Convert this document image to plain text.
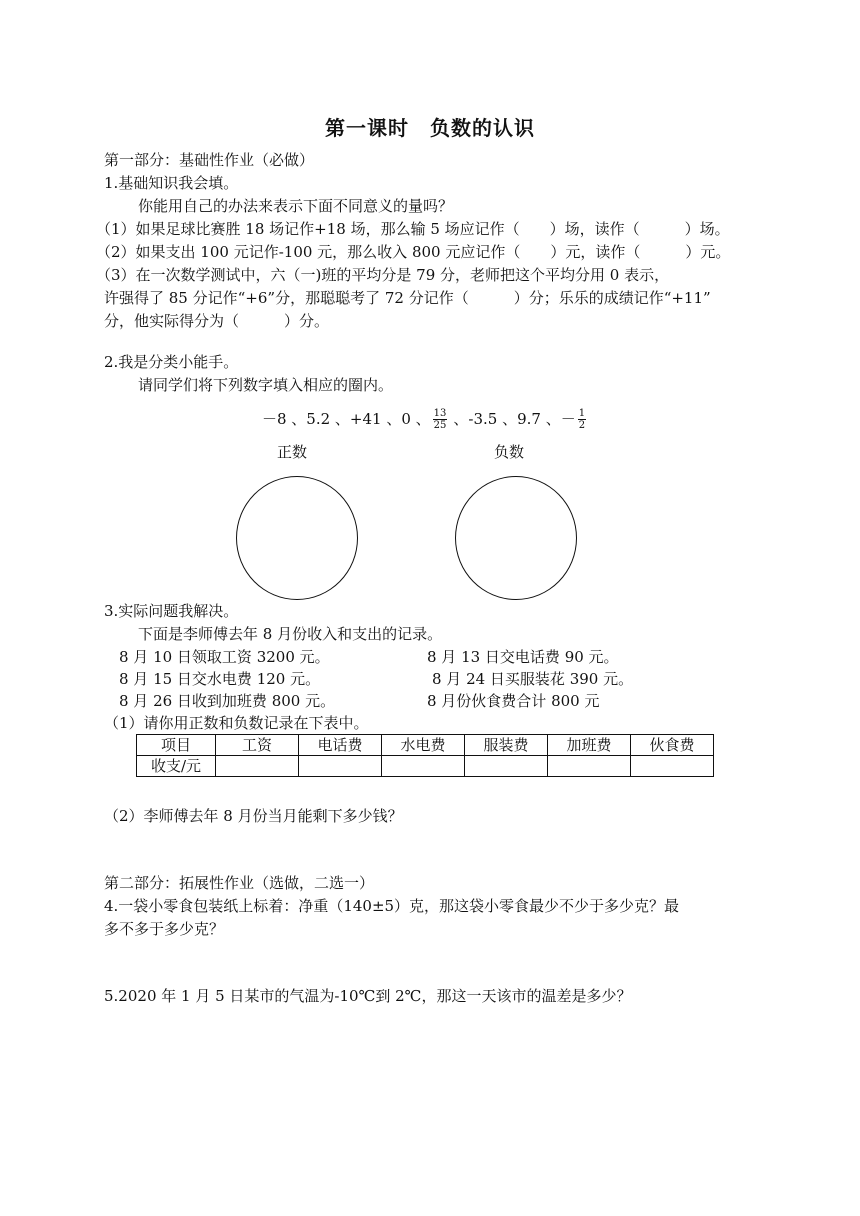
第一课时　负数的认识
第一部分：基础性作业（必做）
1.基础知识我会填。
你能用自己的办法来表示下面不同意义的量吗？
（1）如果足球比赛胜 18 场记作+18 场，那么输 5 场应记作（　　）场，读作（　　　）场。
（2）如果支出 100 元记作-100 元，那么收入 800 元应记作（　　）元，读作（　　　）元。
（3）在一次数学测试中，六（一)班的平均分是 79 分，老师把这个平均分用 0 表示，
许强得了 85 分记作“+6”分，那聪聪考了 72 分记作（　　　）分；乐乐的成绩记作“+11”
分，他实际得分为（　　　）分。
2.我是分类小能手。
请同学们将下列数字填入相应的圈内。
－8 、5.2 、+41 、0 、 $\frac{13}{25}$ 、-3.5 、9.7 、－ $\frac{1}{2}$
正数	负数
3.实际问题我解决。
下面是李师傅去年 8 月份收入和支出的记录。
8 月 10 日领取工资 3200 元。	8 月 13 日交电话费 90 元。
8 月 15 日交水电费 120 元。	8 月 24 日买服装花 390 元。
8 月 26 日收到加班费 800 元。	8 月份伙食费合计 800 元
（1）请你用正数和负数记录在下表中。
项目	工资	电话费	水电费	服装费	加班费	伙食费
收支/元						
（2）李师傅去年 8 月份当月能剩下多少钱？
第二部分：拓展性作业（选做，二选一）
4.一袋小零食包装纸上标着：净重（140±5）克，那这袋小零食最少不少于多少克？最
多不多于多少克？
5.2020 年 1 月 5 日某市的气温为-10℃到 2℃，那这一天该市的温差是多少？
